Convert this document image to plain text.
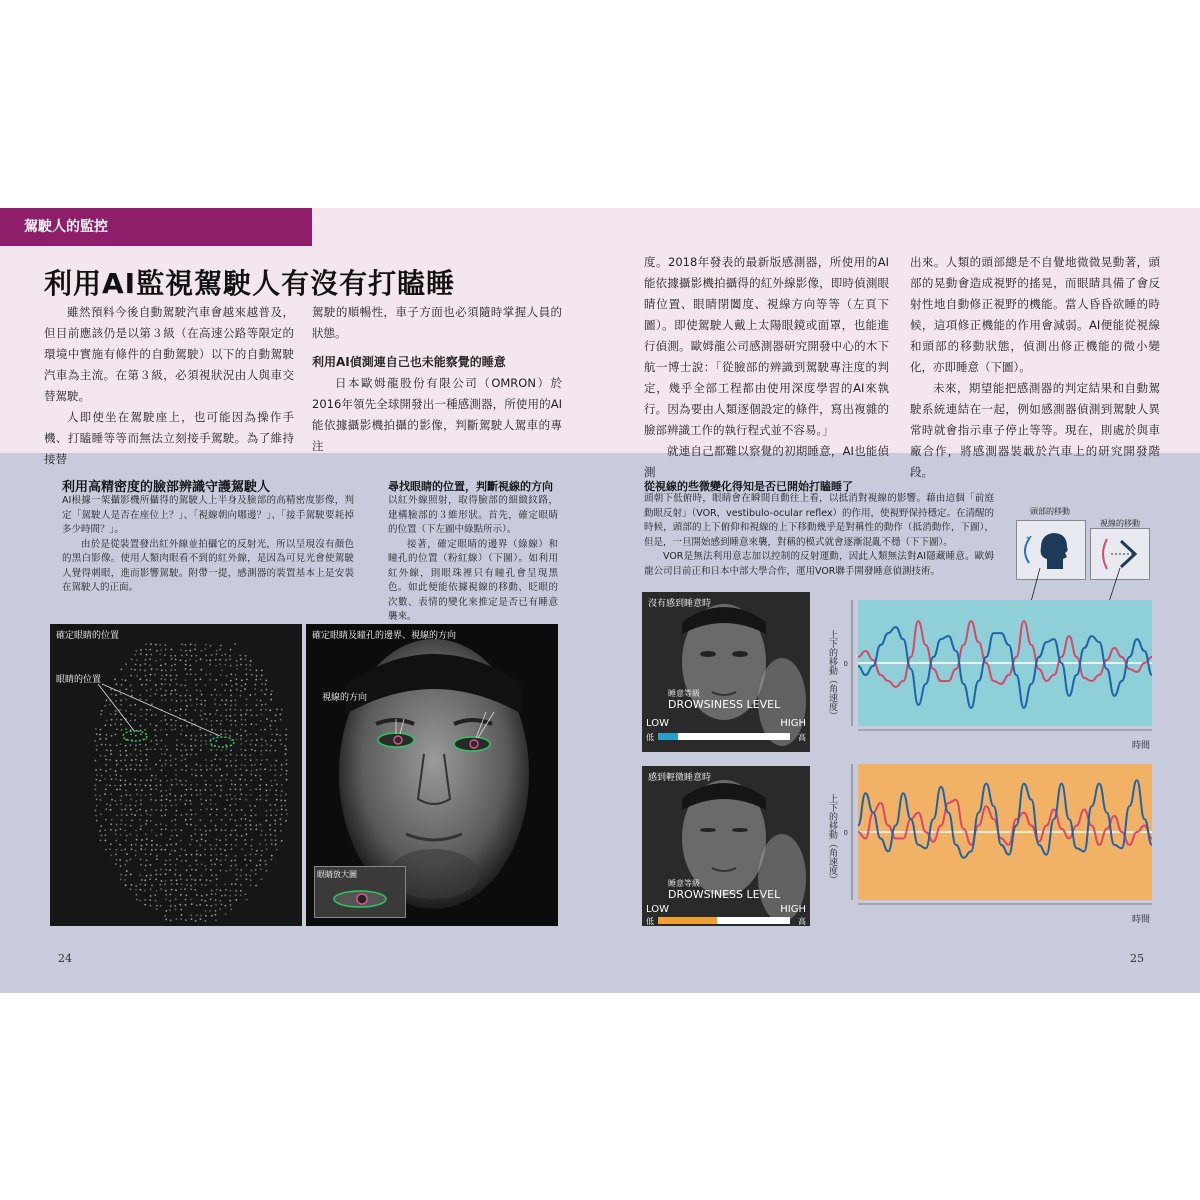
駕駛人的監控
利用AI監視駕駛人有沒有打瞌睡

雖然預料今後自動駕駛汽車會越來越普及，但目前應該仍是以第３級（在高速公路等限定的環境中實施有條件的自動駕駛）以下的自動駕駛汽車為主流。在第３級，必須視狀況由人與車交替駕駛。

人即使坐在駕駛座上，也可能因為操作手機、打瞌睡等等而無法立刻接手駕駛。為了維持接替

駕駛的順暢性，車子方面也必須隨時掌握人員的狀態。

利用AI偵測連自己也未能察覺的睡意

日本歐姆龍股份有限公司（OMRON）於2016年領先全球開發出一種感測器，所使用的AI能依據攝影機拍攝的影像，判斷駕駛人駕車的專注

度。2018年發表的最新版感測器，所使用的AI能依據攝影機拍攝得的紅外線影像，即時偵測眼睛位置、眼睛閉闔度、視線方向等等（左頁下圖）。即使駕駛人戴上太陽眼鏡或面罩，也能進行偵測。歐姆龍公司感測器研究開發中心的木下航一博士說：「從臉部的辨識到駕駛專注度的判定，幾乎全部工程都由使用深度學習的AI來執行。因為要由人類逐個設定的條件，寫出複雜的臉部辨識工作的執行程式並不容易。」

就連自己都難以察覺的初期睡意，AI也能偵測

出來。人類的頭部總是不自覺地微微晃動著，頭部的晃動會造成視野的搖晃，而眼睛具備了會反射性地自動修正視野的機能。當人昏昏欲睡的時候，這項修正機能的作用會減弱。AI便能從視線和頭部的移動狀態，偵測出修正機能的微小變化，亦即睡意（下圖）。

未來，期望能把感測器的判定結果和自動駕駛系統連結在一起，例如感測器偵測到駕駛人異常時就會指示車子停止等等。現在，則處於與車廠合作，將感測器裝載於汽車上的研究開發階段。

利用高精密度的臉部辨識守護駕駛人

AI根據一架攝影機所攝得的駕駛人上半身及臉部的高精密度影像，判定「駕駛人是否在座位上？」、「視線朝向哪邊？」、「接手駕駛要耗掉多少時間？」。

由於是從裝置發出紅外線並拍攝它的反射光，所以呈現沒有顏色的黑白影像。使用人類肉眼看不到的紅外線，是因為可見光會使駕駛人覺得刺眼，進而影響駕駛。附帶一提，感測器的裝置基本上是安裝在駕駛人的正面。

尋找眼睛的位置，判斷視線的方向

以紅外線照射，取得臉部的細緻紋路，建構臉部的３維形狀。首先，確定眼睛的位置（下左圖中綠點所示）。

接著，確定眼睛的邊界（綠線）和瞳孔的位置（粉紅線）（下圖）。如利用紅外線，則眼珠裡只有瞳孔會呈現黑色。如此便能依據視線的移動、眨眼的次數、表情的變化來推定是否已有睡意襲來。

從視線的些微變化得知是否已開始打瞌睡了

頭朝下低俯時，眼睛會在瞬間自動往上看，以抵消對視線的影響。藉由這個「前庭動眼反射」（VOR，vestibulo-ocular reflex）的作用，使視野保持穩定。在清醒的時候，頭部的上下俯仰和視線的上下移動幾乎是對稱性的動作（抵消動作，下圖），但是，一旦開始感到睡意來襲，對稱的模式就會逐漸混亂不穩（下下圖）。

VOR是無法利用意志加以控制的反射運動，因此人類無法對AI隱藏睡意。歐姆龍公司目前正和日本中部大學合作，運用VOR聯手開發睡意偵測技術。

確定眼睛的位置
眼睛的位置
確定眼睛及瞳孔的邊界、視線的方向
視線的方向
眼睛放大圖
頭部的移動
視線的移動
沒有感到睡意時
睡意等級
DROWSINESS LEVEL
LOW	HIGH
低	高
感到輕微睡意時
睡意等級
DROWSINESS LEVEL
LOW	HIGH
低	高
0
上下的移動（角速度）
時間
0
上下的移動（角速度）
時間
24	25
